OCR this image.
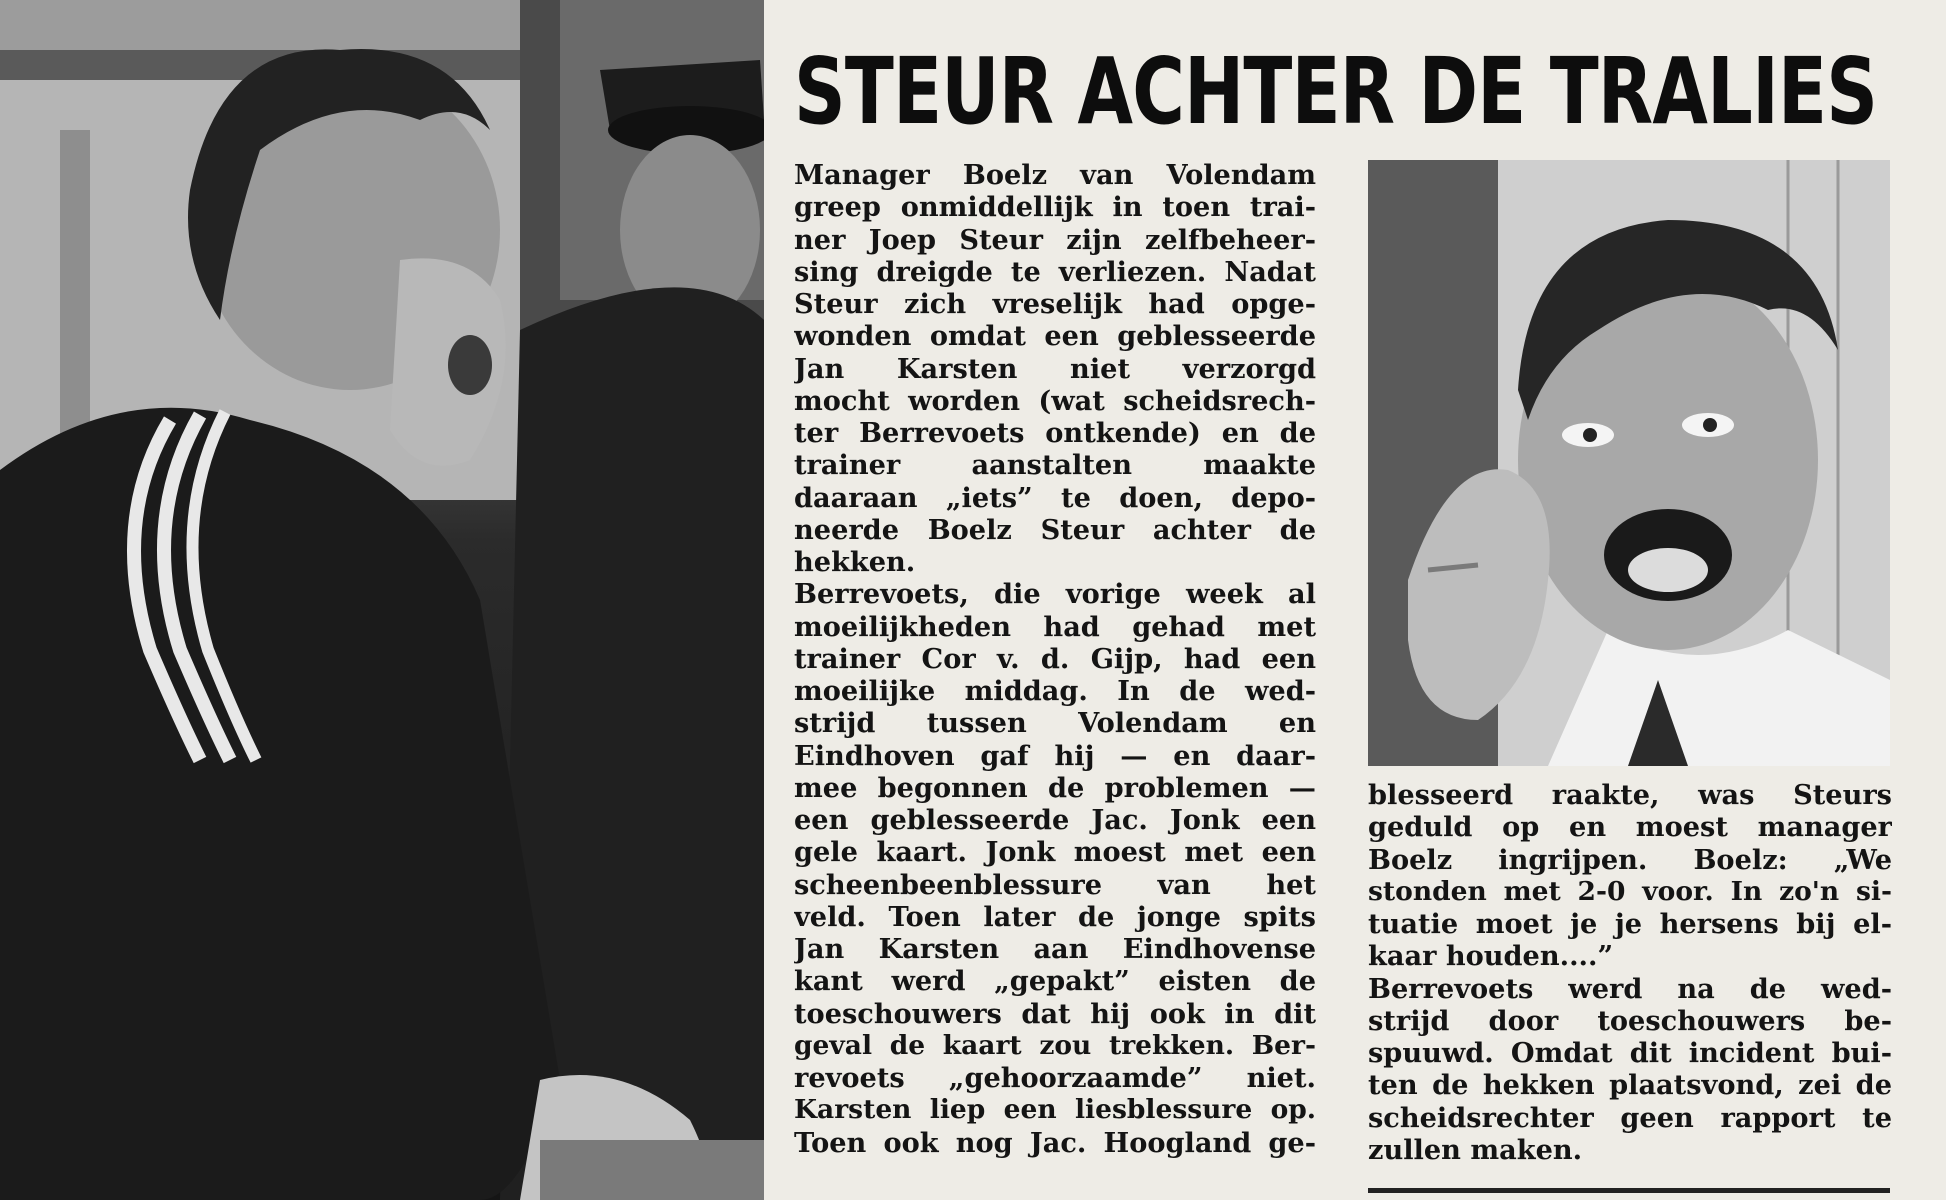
STEUR ACHTER DE TRALIES
Manager Boelz van Volendam
greep onmiddellijk in toen trai-
ner Joep Steur zijn zelfbeheer-
sing dreigde te verliezen. Nadat
Steur zich vreselijk had opge-
wonden omdat een geblesseerde
Jan Karsten niet verzorgd
mocht worden (wat scheidsrech-
ter Berrevoets ontkende) en de
trainer aanstalten maakte
daaraan „iets” te doen, depo-
neerde Boelz Steur achter de
hekken.
Berrevoets, die vorige week al
moeilijkheden had gehad met
trainer Cor v. d. Gijp, had een
moeilijke middag. In de wed-
strijd tussen Volendam en
Eindhoven gaf hij — en daar-
mee begonnen de problemen —
een geblesseerde Jac. Jonk een
gele kaart. Jonk moest met een
scheenbeenblessure van het
veld. Toen later de jonge spits
Jan Karsten aan Eindhovense
kant werd „gepakt” eisten de
toeschouwers dat hij ook in dit
geval de kaart zou trekken. Ber-
revoets „gehoorzaamde” niet.
Karsten liep een liesblessure op.
Toen ook nog Jac. Hoogland ge-
blesseerd raakte, was Steurs
geduld op en moest manager
Boelz ingrijpen. Boelz: „We
stonden met 2-0 voor. In zo'n si-
tuatie moet je je hersens bij el-
kaar houden....”
Berrevoets werd na de wed-
strijd door toeschouwers be-
spuuwd. Omdat dit incident bui-
ten de hekken plaatsvond, zei de
scheidsrechter geen rapport te
zullen maken.
